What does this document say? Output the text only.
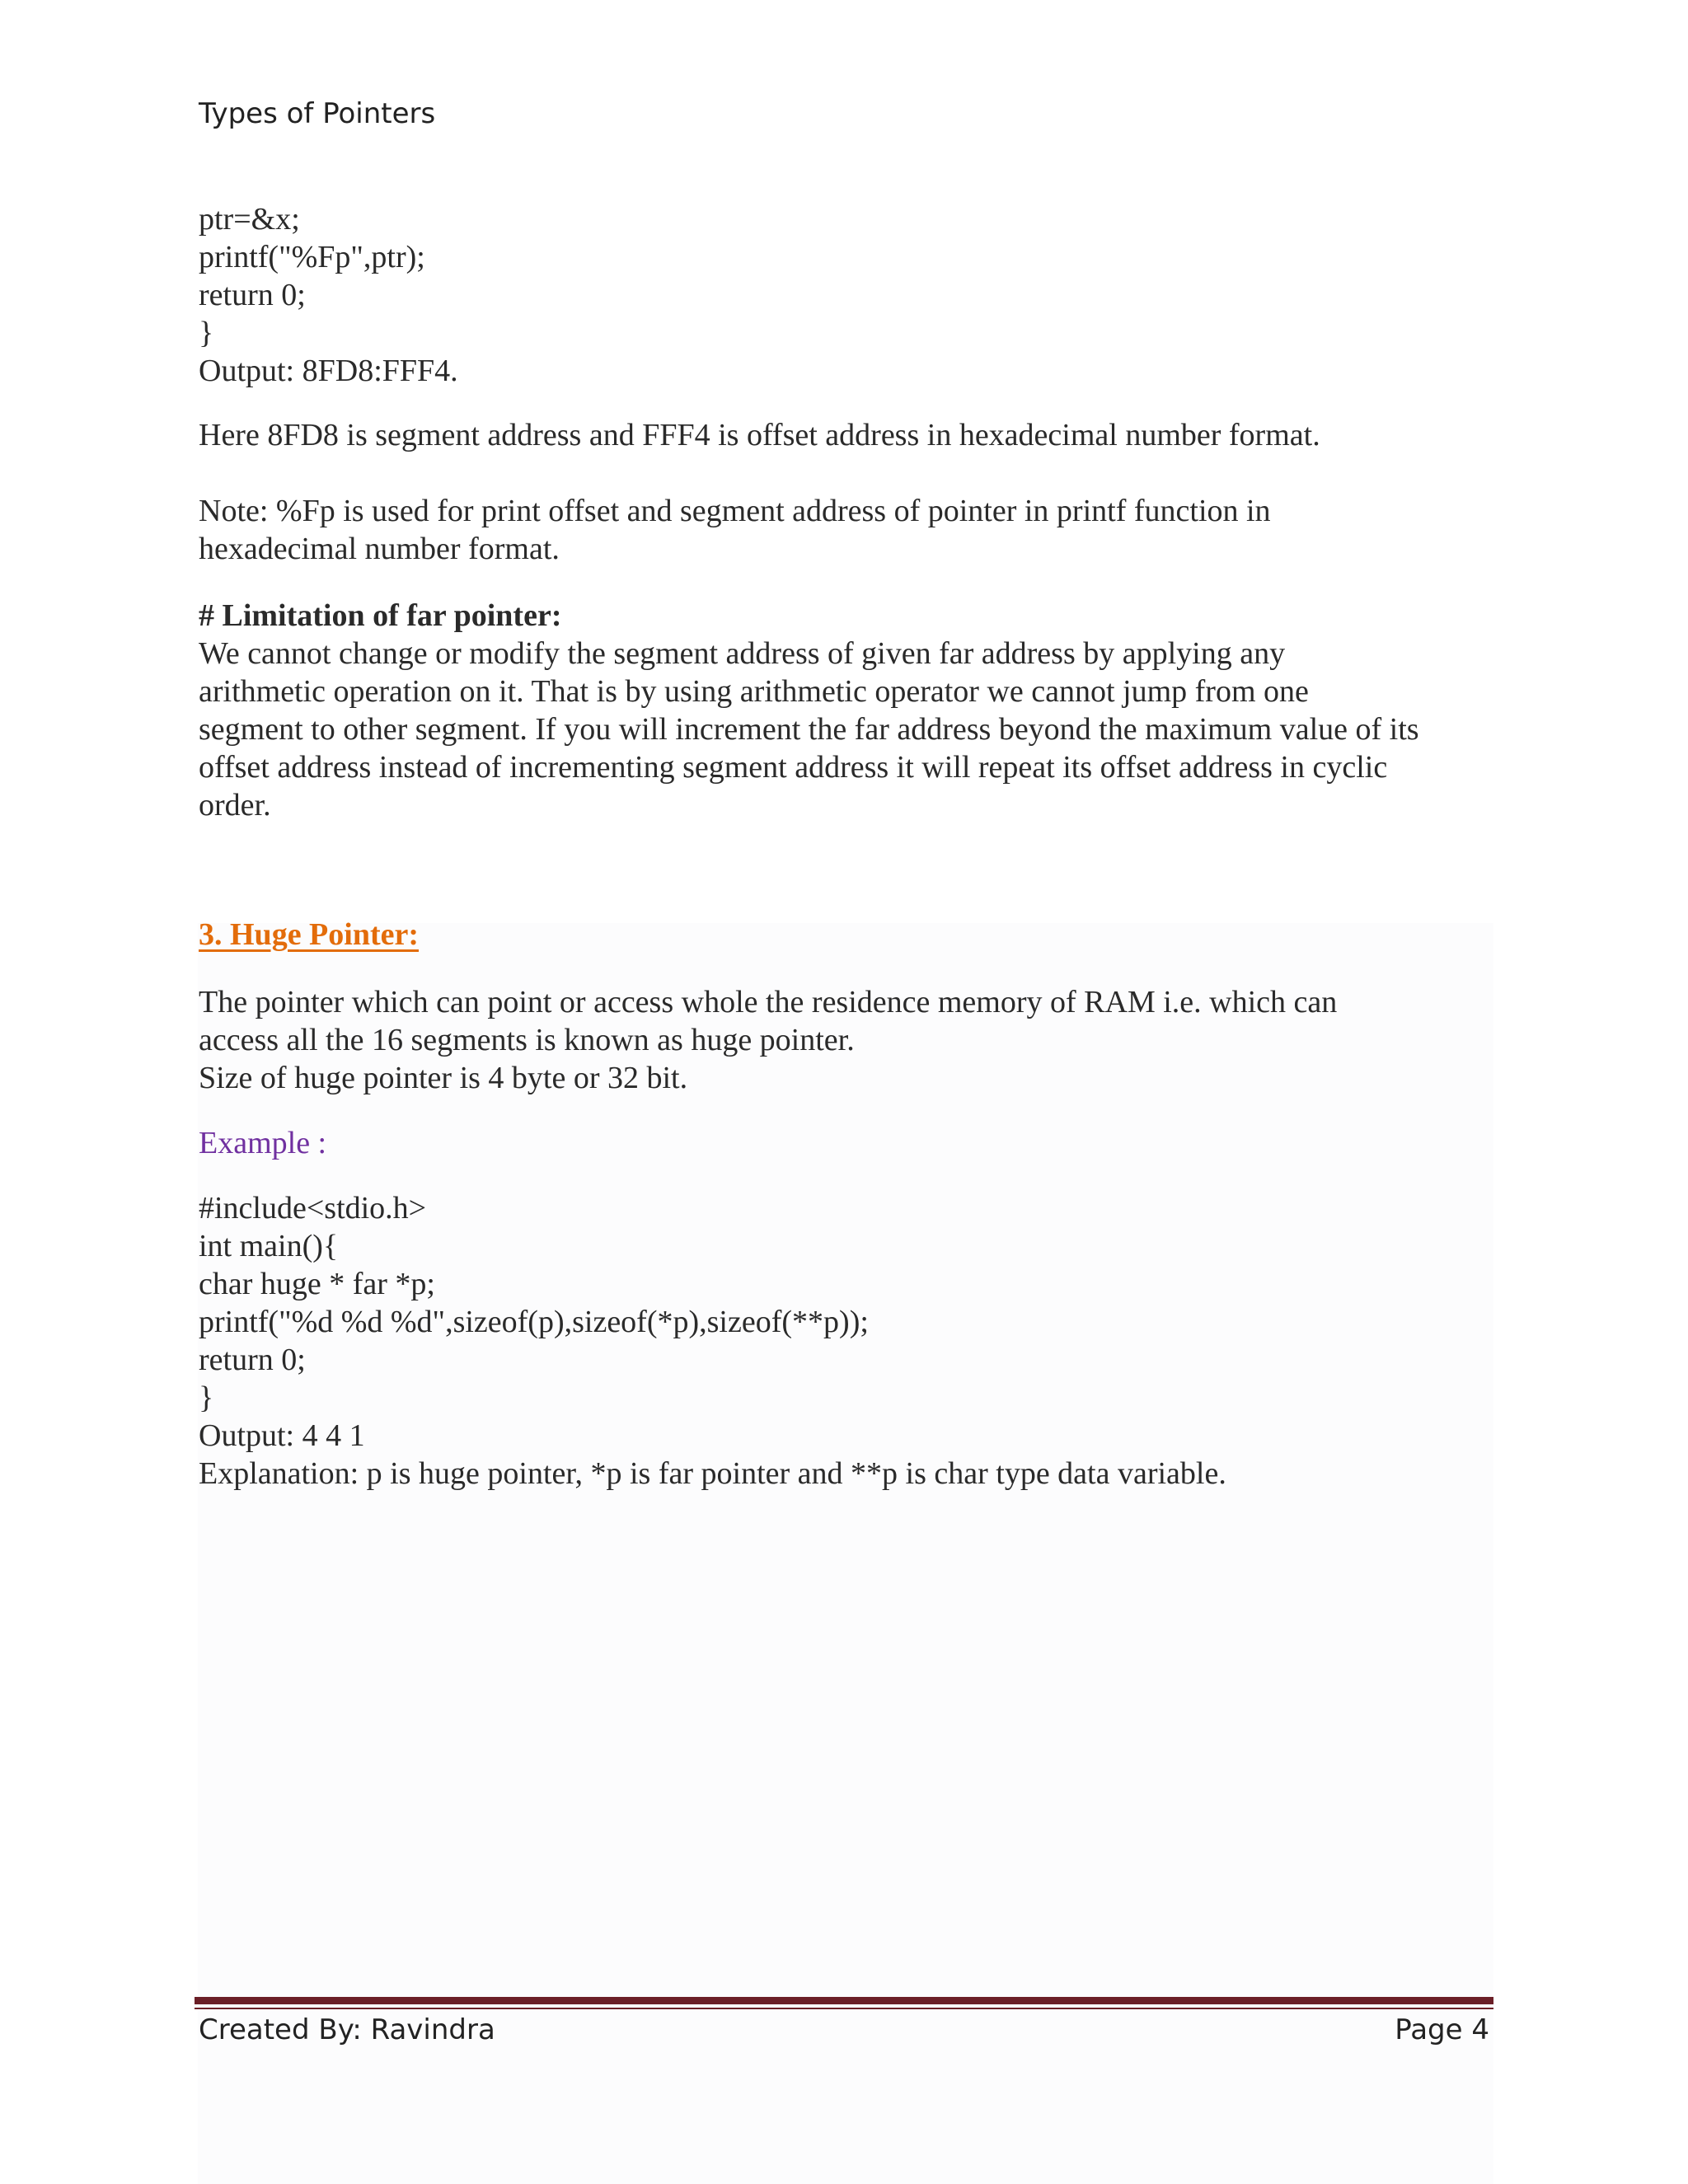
Types of Pointers
ptr=&x;
printf("%Fp",ptr);
return 0;
}
Output: 8FD8:FFF4.
Here 8FD8 is segment address and FFF4 is offset address in hexadecimal number format.
Note: %Fp is used for print offset and segment address of pointer in printf function in
hexadecimal number format.
# Limitation of far pointer:
We cannot change or modify the segment address of given far address by applying any
arithmetic operation on it. That is by using arithmetic operator we cannot jump from one
segment to other segment. If you will increment the far address beyond the maximum value of its
offset address instead of incrementing segment address it will repeat its offset address in cyclic
order.
3. Huge Pointer:
The pointer which can point or access whole the residence memory of RAM i.e. which can
access all the 16 segments is known as huge pointer.
Size of huge pointer is 4 byte or 32 bit.
Example :
#include<stdio.h>
int main(){
char huge * far *p;
printf("%d %d %d",sizeof(p),sizeof(*p),sizeof(**p));
return 0;
}
Output: 4 4 1
Explanation: p is huge pointer, *p is far pointer and **p is char type data variable.
Created By: Ravindra	Page 4
